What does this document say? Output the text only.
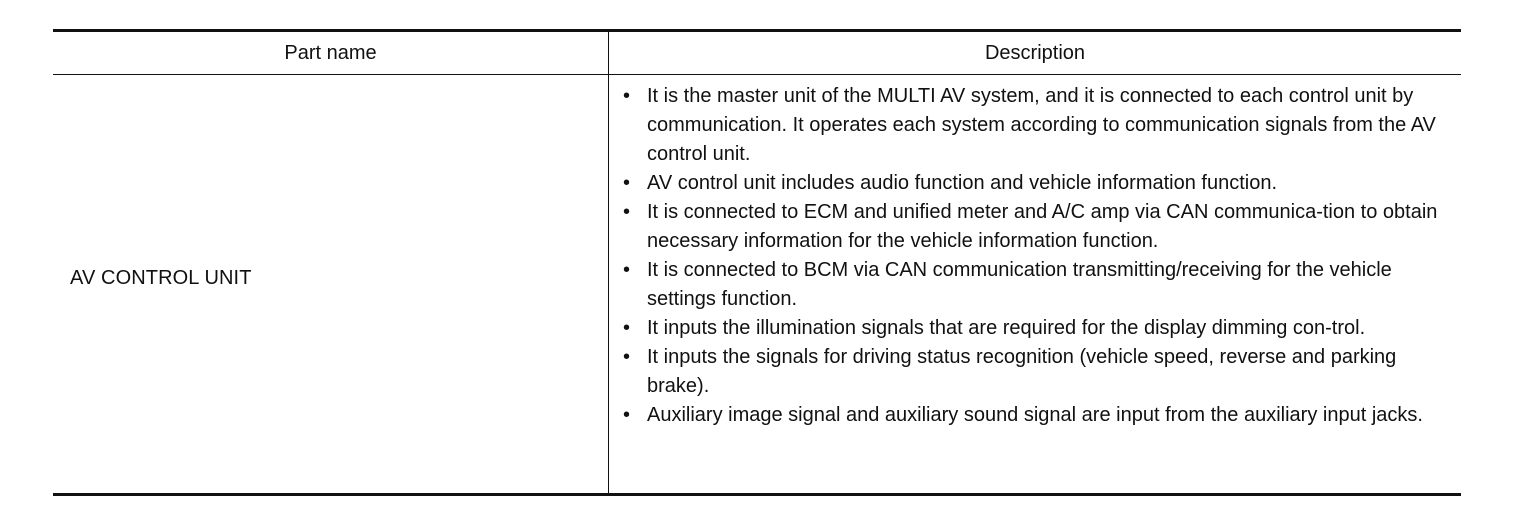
Part name	Description
AV CONTROL UNIT
• It is the master unit of the MULTI AV system, and it is connected to each control unit by communication. It operates each system according to communication signals from the AV control unit.
• AV control unit includes audio function and vehicle information function.
• It is connected to ECM and unified meter and A/C amp via CAN communica-tion to obtain necessary information for the vehicle information function.
• It is connected to BCM via CAN communication transmitting/receiving for the vehicle settings function.
• It inputs the illumination signals that are required for the display dimming con-trol.
• It inputs the signals for driving status recognition (vehicle speed, reverse and parking brake).
• Auxiliary image signal and auxiliary sound signal are input from the auxiliary input jacks.
